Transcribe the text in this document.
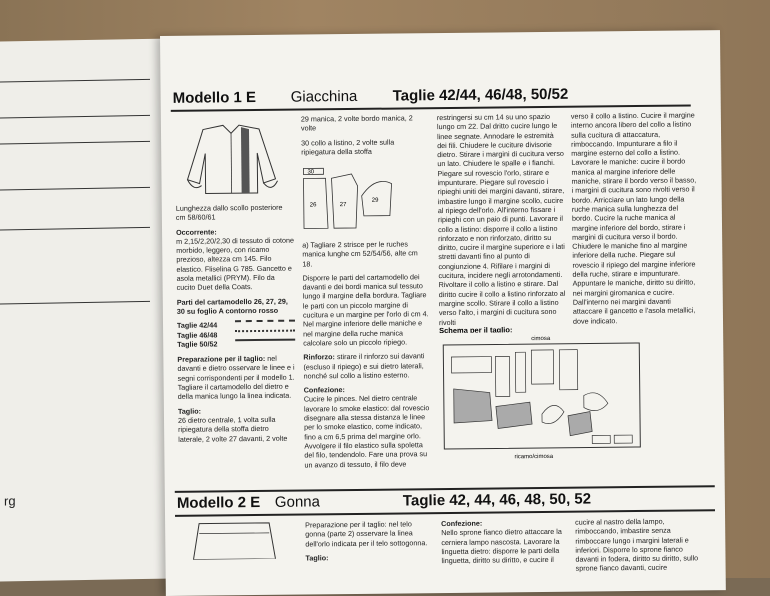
rg
Modello 1 E Giacchina Taglie 42/44, 46/48, 50/52

Lunghezza dallo scollo posteriore cm 58/60/61

Occorrente:
m 2,15/2,20/2,30 di tessuto di cotone morbido, leggero, con ricamo prezioso, altezza cm 145. Filo elastico. Fliselina G 785. Gancetto e asola metallici (PRYM). Filo da cucito Duet della Coats.

Parti del cartamodello 26, 27, 29, 30 su foglio A contorno rosso

Taglie 42/44
Taglie 46/48
Taglie 50/52

Preparazione per il taglio: nel davanti e dietro osservare le linee e i segni corrispondenti per il modello 1. Tagliare il cartamodello del dietro e della manica lungo la linea indicata.

Taglio:
26 dietro centrale, 1 volta sulla ripiegatura della stoffa dietro laterale, 2 volte 27 davanti, 2 volte

29 manica, 2 volte bordo manica, 2 volte

30 collo a listino, 2 volte sulla ripiegatura della stoffa

30
26	27
29

a) Tagliare 2 strisce per le ruches manica lunghe cm 52/54/56, alte cm 18.

Disporre le parti del cartamodello dei davanti e dei bordi manica sul tessuto lungo il margine della bordura. Tagliare le parti con un piccolo margine di cucitura e un margine per l'orlo di cm 4. Nel margine inferiore delle maniche e nel margine della ruche manica calcolare solo un piccolo ripiego.

Rinforzo: stirare il rinforzo sui davanti (escluso il ripiego) e sui dietro laterali, nonché sul collo a listino esterno.

Confezione:
Cucire le pinces. Nel dietro centrale lavorare lo smoke elastico: dal rovescio disegnare alla stessa distanza le linee per lo smoke elastico, come indicato, fino a cm 6,5 prima del margine orlo. Avvolgere il filo elastico sulla spoletta del filo, tendendolo. Fare una prova su un avanzo di tessuto, il filo deve

restringersi su cm 14 su uno spazio lungo cm 22. Dal dritto cucire lungo le linee segnate. Annodare le estremità dei fili. Chiudere le cuciture divisorie dietro. Stirare i margini di cucitura verso un lato. Chiudere le spalle e i fianchi. Piegare sul rovescio l'orlo, stirare e impunturare. Piegare sul rovescio i ripieghi uniti dei margini davanti, stirare, imbastire lungo il margine scollo, cucire al ripiego dell'orlo. All'interno fissare i ripieghi con un paio di punti. Lavorare il collo a listino: disporre il collo a listino rinforzato e non rinforzato, diritto su diritto, cucire il margine superiore e i lati stretti davanti fino al punto di congiunzione 4. Rifilare i margini di cucitura, incidere negli arrotondamenti. Rivoltare il collo a listino e stirare. Dal diritto cucire il collo a listino rinforzato al margine scollo. Stirare il collo a listino verso l'alto, i margini di cucitura sono rivolti

Schema per il taglio:
cimosa
ricamo/cimosa

verso il collo a listino. Cucire il margine interno ancora libero del collo a listino sulla cucitura di attaccatura, rimboccando. Impunturare a filo il margine esterno del collo a listino. Lavorare le maniche: cucire il bordo manica al margine inferiore delle maniche, stirare il bordo verso il basso, i margini di cucitura sono rivolti verso il bordo. Arricciare un lato lungo della ruche manica sulla lunghezza del bordo. Cucire la ruche manica al margine inferiore del bordo, stirare i margini di cucitura verso il bordo. Chiudere le maniche fino al margine inferiore della ruche. Piegare sul rovescio il ripiego del margine inferiore della ruche, stirare e impunturare. Appuntare le maniche, diritto su diritto, nei margini giromanica e cucire. Dall'interno nei margini davanti attaccare il gancetto e l'asola metallici, dove indicato.

Modello 2 E Gonna	Taglie 42, 44, 46, 48, 50, 52

Preparazione per il taglio: nel telo gonna (parte 2) osservare la linea dell'orlo indicata per il telo sottogonna.

Taglio:

Confezione:
Nello sprone fianco dietro attaccare la cerniera lampo nascosta. Lavorare la linguetta dietro: disporre le parti della linguetta, diritto su diritto, e cucire il

cucire al nastro della lampo, rimboccando, imbastire senza rimboccare lungo i margini laterali e inferiori. Disporre lo sprone fianco davanti in fodera, diritto su diritto, sullo sprone fianco davanti, cucire
